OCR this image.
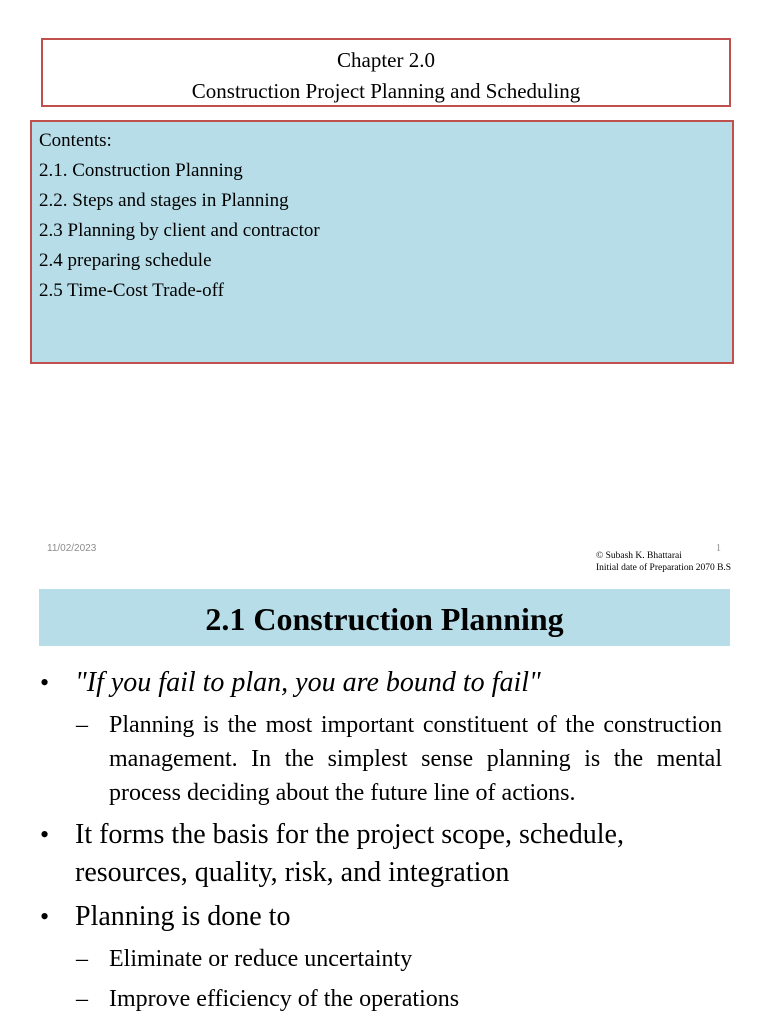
Chapter 2.0
Construction Project Planning and Scheduling
Contents:
2.1. Construction Planning
2.2. Steps and stages in Planning
2.3 Planning by client and contractor
2.4 preparing schedule
2.5 Time-Cost Trade-off
11/02/2023
© Subash K. Bhattarai
Initial date of Preparation 2070 B.S
1
2.1 Construction Planning
• "If you fail to plan, you are bound to fail"
– Planning is the most important constituent of the construction management. In the simplest sense planning is the mental process deciding about the future line of actions.
• It forms the basis for the project scope, schedule, resources, quality, risk, and integration
• Planning is done to
– Eliminate or reduce uncertainty
– Improve efficiency of the operations
